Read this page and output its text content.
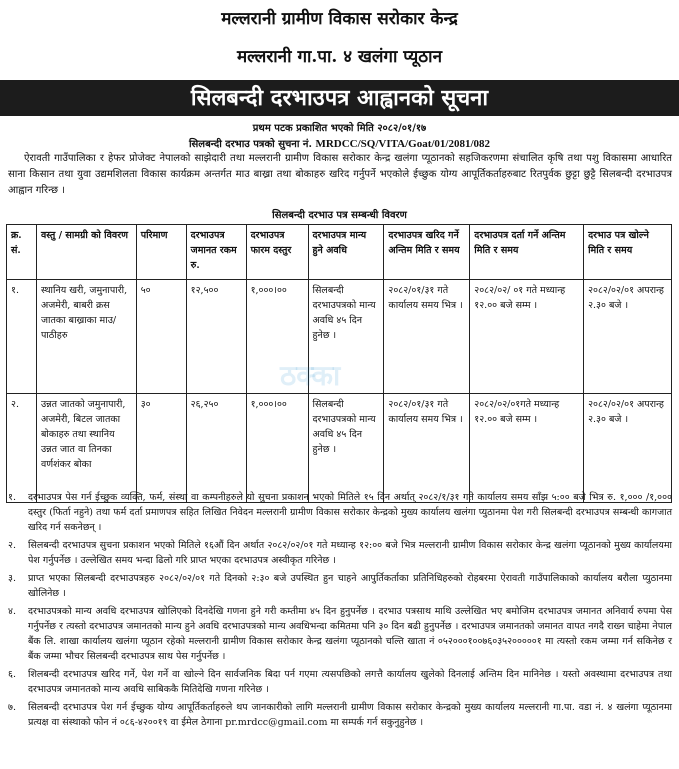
मल्लरानी ग्रामीण विकास सरोकार केन्द्र
मल्लरानी गा.पा. ४ खलंगा प्यूठान
सिलबन्दी दरभाउपत्र आह्वानको सूचना
प्रथम पटक प्रकाशित भएको मिति २०८२/०१/१७
सिलबन्दी दरभाउ पत्रको सुचना नं. MRDCC/SQ/VITA/Goat/01/2081/082
ऐरावती गाउँपालिका र हेफर प्रोजेक्ट नेपालको साझेदारी तथा मल्लरानी ग्रामीण विकास सरोकार केन्द्र खलंगा प्यूठानको सहजिकरणमा संचालित कृषि तथा पशु विकासमा आधारित साना किसान तथा युवा उद्यमशिलता विकास कार्यक्रम अन्तर्गत माउ बाख्रा तथा बोकाहरु खरिद गर्नुपर्ने भएकोले ईच्छुक योग्य आपूर्तिकर्ताहरुबाट रितपुर्वक छुट्टा छुट्टै सिलबन्दी दरभाउपत्र आह्वान गरिन्छ ।
सिलबन्दी दरभाउ पत्र सम्बन्धी विवरण
क्र. सं.	वस्तु / सामग्री को विवरण	परिमाण	दरभाउपत्र जमानत रकम रु.	दरभाउपत्र फारम दस्तुर	दरभाउपत्र मान्य हुने अवधि	दरभाउपत्र खरिद गर्ने अन्तिम मिति र समय	दरभाउपत्र दर्ता गर्ने अन्तिम मिति र समय	दरभाउ पत्र खोल्ने मिति र समय
१.	स्थानिय खरी, जमुनापारी, अजमेरी, बाबरी क्रस जातका बाख्राका माउ/पाठीहरु	५०	१२,५००	१,०००।००	सिलबन्दी दरभाउपत्रको मान्य अवधि ४५ दिन हुनेछ ।	२०८२/०१/३१ गते कार्यालय समय भित्र ।	२०८२/०२/ ०१ गते मध्यान्ह १२.०० बजे सम्म ।	२०८२/०२/०१ अपरान्ह २.३० बजे ।
२.	उन्नत जातको जमुनापारी, अजमेरी, बिटल जातका बोकाहरु तथा स्थानिय उन्नत जात वा तिनका वर्णशंकर बोका	३०	२६,२५०	१,०००।००	सिलबन्दी दरभाउपत्रको मान्य अवधि ४५ दिन हुनेछ ।	२०८२/०१/३१ गते कार्यालय समय भित्र ।	२०८२/०२/०१गते मध्यान्ह १२.०० बजे सम्म ।	२०८२/०२/०१ अपरान्ह २.३० बजे ।
ठक्का
१.	दरभाउपत्र पेस गर्न ईच्छुक व्यक्ति, फर्म, संस्था वा कम्पनीहरुले यो सुचना प्रकाशन भएको मितिले १५ दिन अर्थात् २०८२/१/३१ गते कार्यालय समय साँझ ५:०० बजे भित्र रु. १,००० /१,००० दस्तुर (फिर्ता नहुने) तथा फर्म दर्ता प्रमाणपत्र सहित लिखित निवेदन मल्लरानी ग्रामीण विकास सरोकार केन्द्रको मुख्य कार्यालय खलंगा प्युठानमा पेश गरी सिलबन्दी दरभाउपत्र सम्बन्धी कागजात खरिद गर्न सकनेछन् ।
२.	सिलबन्दी दरभाउपत्र सुचना प्रकाशन भएको मितिले १६औं दिन अर्थात २०८२/०२/०१ गते मध्यान्ह १२:०० बजे भित्र मल्लरानी ग्रामीण विकास सरोकार केन्द्र खलंगा प्यूठानको मुख्य कार्यालयमा पेश गर्नुपर्नेछ । उल्लेखित समय भन्दा ढिलो गरि प्राप्त भएका दरभाउपत्र अस्वीकृत गरिनेछ ।
३.	प्राप्त भएका सिलबन्दी दरभाउपत्रहरु २०८२/०२/०१ गते दिनको २:३० बजे उपस्थित हुन चाहने आपुर्तिकर्ताका प्रतिनिधिहरुको रोहबरमा ऐरावती गाउँपालिकाको कार्यालय बरौला प्युठानमा खोलिनेछ ।
४.	दरभाउपत्रको मान्य अवधि दरभाउपत्र खोलिएको दिनदेखि गणना हुने गरी कम्तीमा ४५ दिन हुनुपर्नेछ । दरभाउ पत्रसाथ माथि उल्लेखित भए बमोजिम दरभाउपत्र जमानत अनिवार्य रुपमा पेस गर्नुपर्नेछ र त्यस्तो दरभाउपत्र जमानतको मान्य हुने अवधि दरभाउपत्रको मान्य अवधिभन्दा कमितमा पनि ३० दिन बढी हुनुपर्नेछ । दरभाउपत्र जमानतको जमानत वापत नगदै राख्न चाहेमा नेपाल बैंक लि. शाखा कार्यालय खलंगा प्यूठान रहेको मल्लरानी ग्रामीण विकास सरोकार केन्द्र खलंगा प्यूठानको चल्ति खाता नं ०५२०००१००७६०३५२०००००१ मा त्यस्तो रकम जम्मा गर्न सकिनेछ र बैंक जम्मा भौचर सिलबन्दी दरभाउपत्र साथ पेस गर्नुपर्नेछ ।
६.	शिलबन्दी दरभाउपत्र खरिद गर्ने, पेश गर्ने वा खोल्ने दिन सार्वजनिक बिदा पर्न गएमा त्यसपछिको लगत्तै कार्यालय खुलेको दिनलाई अन्तिम दिन मानिनेछ । यस्तो अवस्थामा दरभाउपत्र तथा दरभाउपत्र जमानतको मान्य अवधि साबिककै मितिदेखि गणना गरिनेछ ।
७.	सिलबन्दी दरभाउपत्र पेश गर्न ईच्छुक योग्य आपूर्तिकर्ताहरुले थप जानकारीको लागि मल्लरानी ग्रामीण विकास सरोकार केन्द्रको मुख्य कार्यालय मल्लरानी गा.पा. वडा नं. ४ खलंगा प्यूठानमा प्रत्यक्ष वा संस्थाको फोन नं ०८६-४२००१९ वा ईमेल ठेगाना pr.mrdcc@gmail.com मा सम्पर्क गर्न सकुनुहुनेछ ।
